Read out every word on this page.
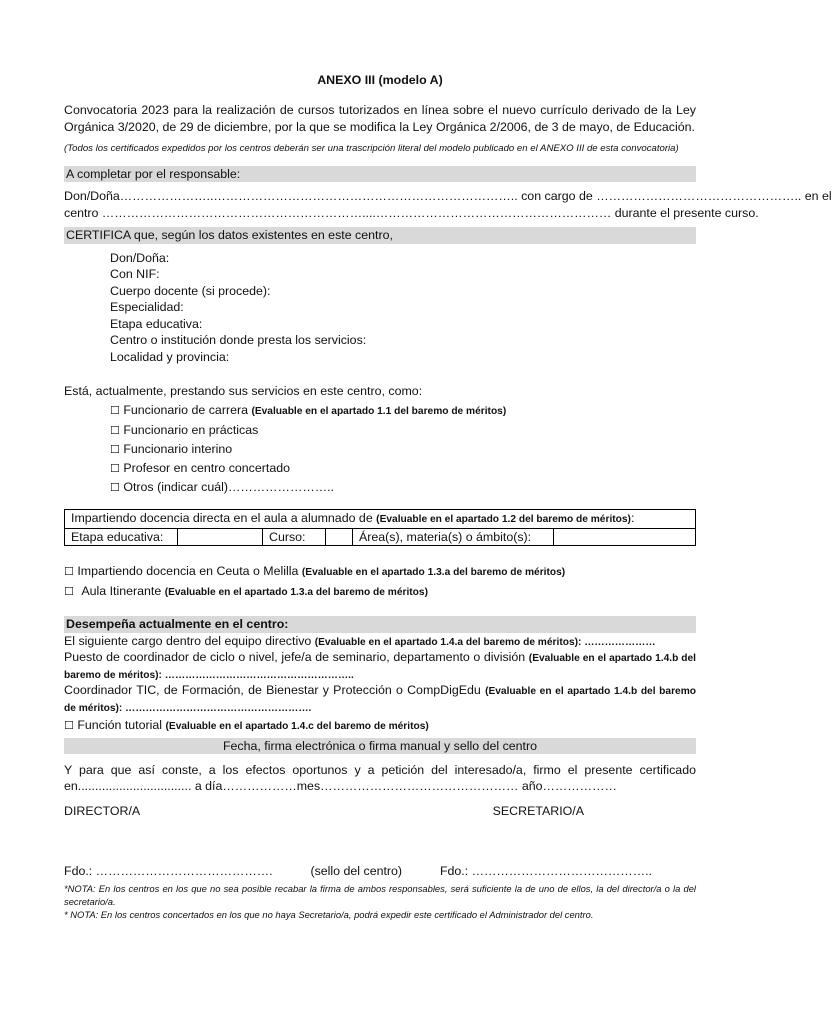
ANEXO III (modelo A)
Convocatoria 2023 para la realización de cursos tutorizados en línea sobre el nuevo currículo derivado de la Ley Orgánica 3/2020, de 29 de diciembre, por la que se modifica la Ley Orgánica 2/2006, de 3 de mayo, de Educación.
(Todos los certificados expedidos por los centros deberán ser una trascripción literal del modelo publicado en el ANEXO III de esta convocatoria)
A completar por el responsable:
Don/Doña…………………..……………………………………………………………….. con cargo de ………………………………………….. en el
centro ………………………………………………………....………………………………………………… durante el presente curso.
CERTIFICA que, según los datos existentes en este centro,
Don/Doña:
Con NIF:
Cuerpo docente (si procede):
Especialidad:
Etapa educativa:
Centro o institución donde presta los servicios:
Localidad y provincia:
Está, actualmente, prestando sus servicios en este centro, como:
☐ Funcionario de carrera (Evaluable en el apartado 1.1 del baremo de méritos)
☐ Funcionario en prácticas
☐ Funcionario interino
☐ Profesor en centro concertado
☐ Otros (indicar cuál)……………………..
Impartiendo docencia directa en el aula a alumnado de (Evaluable en el apartado 1.2 del baremo de méritos):
Etapa educativa:		Curso:		Área(s), materia(s) o ámbito(s):	
☐ Impartiendo docencia en Ceuta o Melilla (Evaluable en el apartado 1.3.a del baremo de méritos)
☐ Aula Itinerante (Evaluable en el apartado 1.3.a del baremo de méritos)
Desempeña actualmente en el centro:
El siguiente cargo dentro del equipo directivo (Evaluable en el apartado 1.4.a del baremo de méritos): …………………
Puesto de coordinador de ciclo o nivel, jefe/a de seminario, departamento o división (Evaluable en el apartado 1.4.b del baremo de méritos): ………………………………………………..
Coordinador TIC, de Formación, de Bienestar y Protección o CompDigEdu (Evaluable en el apartado 1.4.b del baremo de méritos): ……………………………………………….
☐ Función tutorial (Evaluable en el apartado 1.4.c del baremo de méritos)
Fecha, firma electrónica o firma manual y sello del centro
Y para que así conste, a los efectos oportunos y a petición del interesado/a, firmo el presente certificado en................................. a día………………mes………………………………………… año………………
DIRECTOR/A	SECRETARIO/A
Fdo.: …………………………………….	(sello del centro)	Fdo.: ……………………………………..
*NOTA: En los centros en los que no sea posible recabar la firma de ambos responsables, será suficiente la de uno de ellos, la del director/a o la del secretario/a.
* NOTA: En los centros concertados en los que no haya Secretario/a, podrá expedir este certificado el Administrador del centro.
